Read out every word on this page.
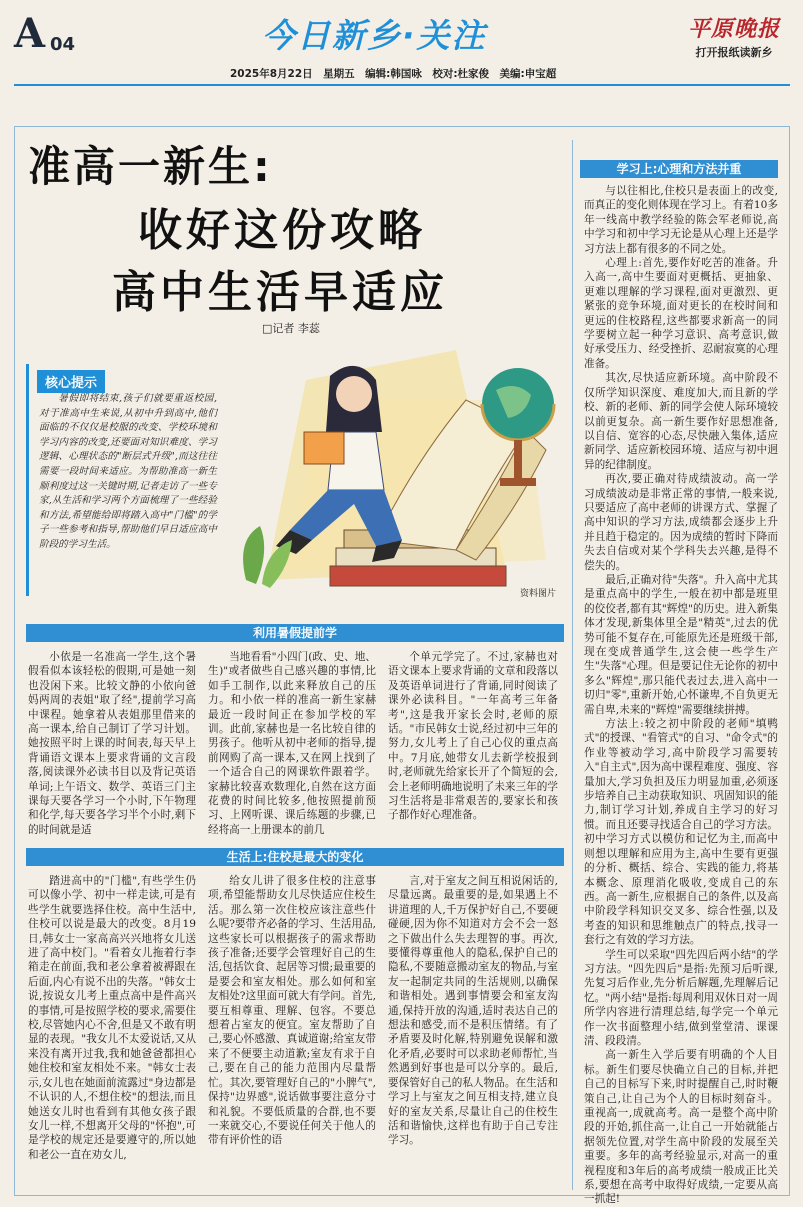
A 04	今日新乡·关注	平原晚报
打开报纸读新乡
2025年8月22日　星期五　编辑:韩国咏　校对:杜家俊　美编:申宝超
准高一新生:
收好这份攻略
高中生活早适应
□记者 李蕊
核心提示
暑假即将结束,孩子们就要重返校园,对于准高中生来说,从初中升到高中,他们面临的不仅仅是校服的改变、学校环境和学习内容的改变,还要面对知识难度、学习逻辑、心理状态的"断层式升级",而这往往需要一段时间来适应。为帮助准高一新生顺利度过这一关键时期,记者走访了一些专家,从生活和学习两个方面梳理了一些经验和方法,希望能给即将踏入高中"门槛"的学子一些参考和指导,帮助他们早日适应高中阶段的学习生活。
资料图片
学习上:心理和方法并重

与以往相比,住校只是表面上的改变,而真正的变化则体现在学习上。有着10多年一线高中教学经验的陈会军老师说,高中学习和初中学习无论是从心理上还是学习方法上都有很多的不同之处。

心理上:首先,要作好吃苦的准备。升入高一,高中生要面对更概括、更抽象、更难以理解的学习课程,面对更激烈、更紧张的竞争环境,面对更长的在校时间和更远的住校路程,这些都要求新高一的同学要树立起一种学习意识、高考意识,做好承受压力、经受挫折、忍耐寂寞的心理准备。

其次,尽快适应新环境。高中阶段不仅所学知识深度、难度加大,而且新的学校、新的老师、新的同学会使人际环境较以前更复杂。高一新生要作好思想准备,以自信、宽容的心态,尽快融入集体,适应新同学、适应新校园环境、适应与初中迥异的纪律制度。

再次,要正确对待成绩波动。高一学习成绩波动是非常正常的事情,一般来说,只要适应了高中老师的讲课方式、掌握了高中知识的学习方法,成绩都会逐步上升并且趋于稳定的。因为成绩的暂时下降而失去自信或对某个学科失去兴趣,是得不偿失的。

最后,正确对待"失落"。升入高中尤其是重点高中的学生,一般在初中都是班里的佼佼者,都有其"辉煌"的历史。进入新集体才发现,新集体里全是"精英",过去的优势可能不复存在,可能原先还是班级干部,现在变成普通学生,这会使一些学生产生"失落"心理。但是要记住无论你的初中多么"辉煌",那只能代表过去,进入高中一切归"零",重新开始,心怀谦卑,不自负更无需自卑,未来的"辉煌"需要继续拼搏。

方法上:较之初中阶段的老师"填鸭式"的授课、"看管式"的自习、"命令式"的作业等被动学习,高中阶段学习需要转入"自主式",因为高中课程难度、强度、容量加大,学习负担及压力明显加重,必须逐步培养自己主动获取知识、巩固知识的能力,制订学习计划,养成自主学习的好习惯。而且还要寻找适合自己的学习方法。初中学习方式以模仿和记忆为主,而高中则想以理解和应用为主,高中生要有更强的分析、概括、综合、实践的能力,将基本概念、原理消化吸收,变成自己的东西。高一新生,应根据自己的条件,以及高中阶段学科知识交叉多、综合性强,以及考查的知识和思维触点广的特点,找寻一套行之有效的学习方法。

学生可以采取"四先四后两小结"的学习方法。"四先四后"是指:先预习后听课,先复习后作业,先分析后解题,先理解后记忆。"两小结"是指:每周利用双休日对一周所学内容进行清理总结,每学完一个单元作一次书面整理小结,做到堂堂清、课课清、段段清。

高一新生入学后要有明确的个人目标。新生们要尽快确立自己的目标,并把自己的目标写下来,时时提醒自己,时时鞭策自己,让自己为个人的目标时刻奋斗。重视高一,成就高考。高一是整个高中阶段的开始,抓住高一,让自己一开始就能占据领先位置,对学生高中阶段的发展至关重要。多年的高考经验显示,对高一的重视程度和3年后的高考成绩一般成正比关系,要想在高考中取得好成绩,一定要从高一抓起!

利用暑假提前学

小依是一名准高一学生,这个暑假看似本该轻松的假期,可是她一刻也没闲下来。比较文静的小依向爸妈两周的表姐"取了经",提前学习高中课程。她拿着从表姐那里借来的高一课本,给自己制订了学习计划。她按照平时上课的时间表,每天早上背诵语文课本上要求背诵的文言段落,阅读课外必读书目以及背记英语单词;上午语文、数学、英语三门主课每天要各学习一个小时,下午物理和化学,每天要各学习半个小时,剩下的时间就是适

当地看看"小四门(政、史、地、生)"或者做些自己感兴趣的事情,比如手工制作,以此来释放自己的压力。和小依一样的准高一新生家赫最近一段时间正在参加学校的军训。此前,家赫也是一名比较自律的男孩子。他听从初中老师的指导,提前网购了高一课本,又在网上找到了一个适合自己的网课软件跟着学。家赫比较喜欢数理化,自然在这方面花费的时间比较多,他按照提前预习、上网听课、课后练题的步骤,已经将高一上册课本的前几

个单元学完了。不过,家赫也对语文课本上要求背诵的文章和段落以及英语单词进行了背诵,同时阅读了课外必读科目。"一年高考三年备考",这是我开家长会时,老师的原话。"市民韩女士说,经过初中三年的努力,女儿考上了自己心仪的重点高中。7月底,她带女儿去新学校报到时,老师就先给家长开了个简短的会,会上老师明确地说明了未来三年的学习生活将是非常艰苦的,要家长和孩子都作好心理准备。

生活上:住校是最大的变化

踏进高中的"门槛",有些学生仍可以像小学、初中一样走读,可是有些学生就要选择住校。高中生活中,住校可以说是最大的改变。8月19日,韩女士一家高高兴兴地将女儿送进了高中校门。"看着女儿拖着行李箱走在前面,我和老公拿着被褥跟在后面,内心有说不出的失落。"韩女士说,按说女儿考上重点高中是件高兴的事情,可是按照学校的要求,需要住校,尽管她内心不舍,但是又不敢有明显的表现。"我女儿不太爱说话,又从来没有离开过我,我和她爸爸都担心她住校和室友相处不来。"韩女士表示,女儿也在她面前流露过"身边都是不认识的人,不想住校"的想法,而且她送女儿时也看到有其他女孩子跟女儿一样,不想离开父母的"怀抱",可是学校的规定还是要遵守的,所以她和老公一直在劝女儿,

给女儿讲了很多住校的注意事项,希望能帮助女儿尽快适应住校生活。那么第一次住校应该注意些什么呢?要带齐必备的学习、生活用品,这些家长可以根据孩子的需求帮助孩子准备;还要学会管理好自己的生活,包括饮食、起居等习惯;最重要的是要会和室友相处。那么如何和室友相处?这里面可就大有学问。首先,要互相尊重、理解、包容。不要总想着占室友的便宜。室友帮助了自己,要心怀感激、真诚道谢;给室友带来了不便要主动道歉;室友有求于自己,要在自己的能力范围内尽量帮忙。其次,要管理好自己的"小脾气",保持"边界感",说话做事要注意分寸和礼貌。不要低质量的合群,也不要一来就交心,不要说任何关于他人的带有评价性的语

言,对于室友之间互相说闲话的,尽量远离。最重要的是,如果遇上不讲道理的人,千万保护好自己,不要硬碰硬,因为你不知道对方会不会一怒之下做出什么失去理智的事。再次,要懂得尊重他人的隐私,保护自己的隐私,不要随意搬动室友的物品,与室友一起制定共同的生活规则,以确保和谐相处。遇到事情要会和室友沟通,保持开放的沟通,适时表达自己的想法和感受,而不是积压情绪。有了矛盾要及时化解,特别避免误解和激化矛盾,必要时可以求助老师帮忙,当然遇到好事也是可以分享的。最后,要保管好自己的私人物品。在生活和学习上与室友之间互相支持,建立良好的室友关系,尽量让自己的住校生活和谐愉快,这样也有助于自己专注学习。
